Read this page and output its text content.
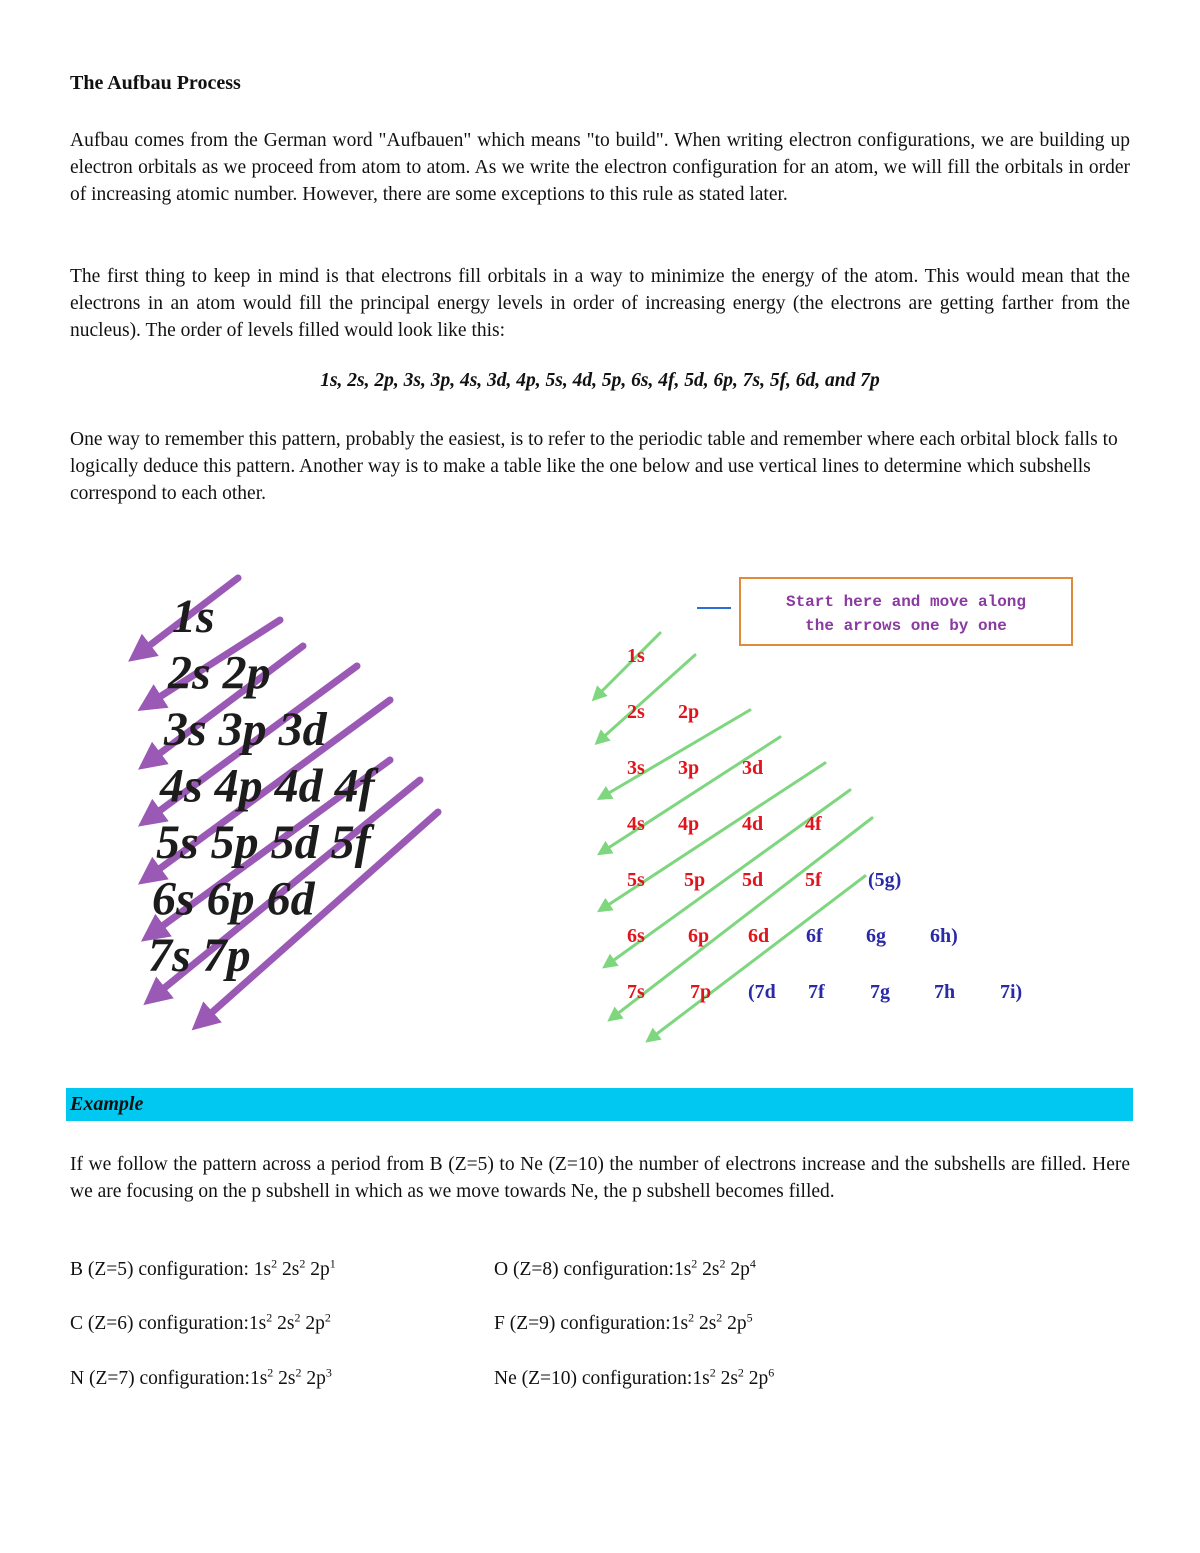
The Aufbau Process

Aufbau comes from the German word "Aufbauen" which means "to build". When writing electron configurations, we are building up electron orbitals as we proceed from atom to atom. As we write the electron configuration for an atom, we will fill the orbitals in order of increasing atomic number. However, there are some exceptions to this rule as stated later.

The first thing to keep in mind is that electrons fill orbitals in a way to minimize the energy of the atom. This would mean that the electrons in an atom would fill the principal energy levels in order of increasing energy (the electrons are getting farther from the nucleus). The order of levels filled would look like this:

1s, 2s, 2p, 3s, 3p, 4s, 3d, 4p, 5s, 4d, 5p, 6s, 4f, 5d, 6p, 7s, 5f, 6d, and 7p

One way to remember this pattern, probably the easiest, is to refer to the periodic table and remember where each orbital block falls to logically deduce this pattern. Another way is to make a table like the one below and use vertical lines to determine which subshells correspond to each other.

1s
2s 2p
3s 3p 3d
4s 4p 4d 4f
5s 5p 5d 5f
6s 6p 6d
7s 7p
1s
2s 2p
3s 3p 3d
4s 4p 4d 4f
5s 5p 5d 5f (5g)
6s 6p 6d 6f 6g 6h)
7s 7p (7d 7f 7g 7h 7i)
Start here and move along
the arrows one by one
Example

If we follow the pattern across a period from B (Z=5) to Ne (Z=10) the number of electrons increase and the subshells are filled. Here we are focusing on the p subshell in which as we move towards Ne, the p subshell becomes filled.

B (Z=5) configuration: $1s^2$ $2s^2$ $2p^1$	O (Z=8) $configuration:1s^2$ $2s^2$ $2p^4$
C (Z=6) $configuration:1s^2$ $2s^2$ $2p^2$	F (Z=9) $configuration:1s^2$ $2s^2$ $2p^5$
N (Z=7) $configuration:1s^2$ $2s^2$ $2p^3$	Ne (Z=10) $configuration:1s^2$ $2s^2$ $2p^6$
